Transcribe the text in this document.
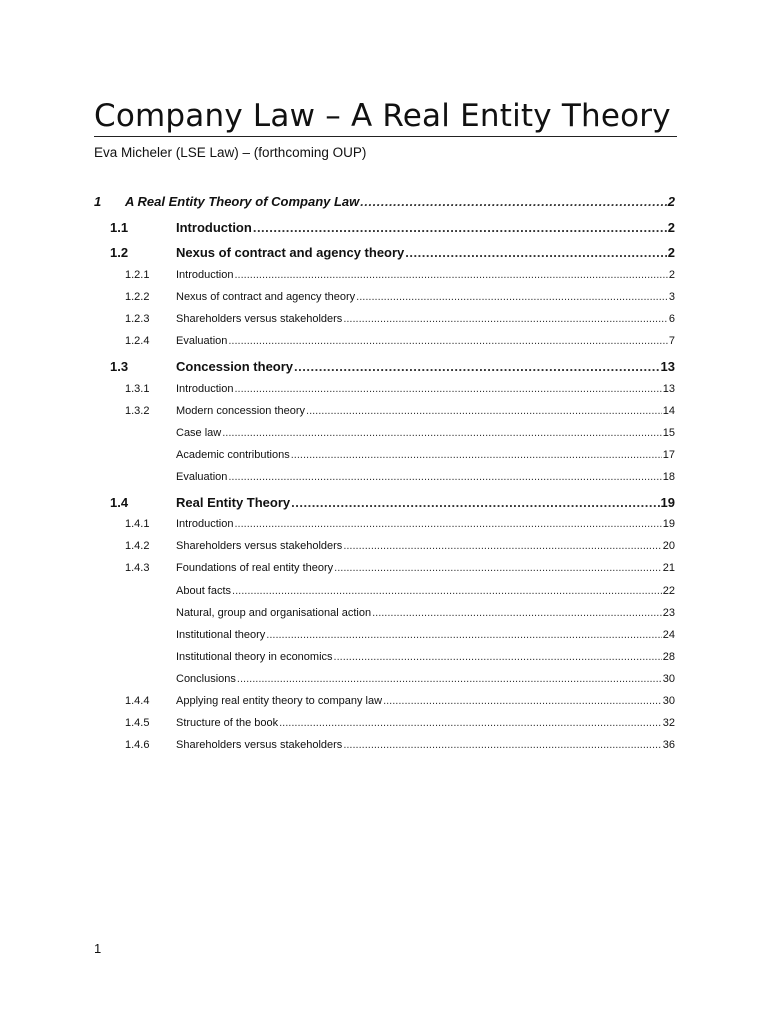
Company Law – A Real Entity Theory
Eva Micheler (LSE Law) – (forthcoming OUP)
1 A Real Entity Theory of Company Law .....	2
1.1	Introduction .....	2
1.2	Nexus of contract and agency theory .....	2
1.2.1 Introduction .....	2
1.2.2 Nexus of contract and agency theory .....	3
1.2.3 Shareholders versus stakeholders .....	6
1.2.4 Evaluation .....	7
1.3	Concession theory .....	13
1.3.1 Introduction .....	13
1.3.2 Modern concession theory .....	14
Case law .....	15
Academic contributions .....	17
Evaluation .....	18
1.4	Real Entity Theory .....	19
1.4.1 Introduction .....	19
1.4.2 Shareholders versus stakeholders .....	20
1.4.3 Foundations of real entity theory .....	21
About facts .....	22
Natural, group and organisational action .....	23
Institutional theory .....	24
Institutional theory in economics .....	28
Conclusions .....	30
1.4.4 Applying real entity theory to company law .....	30
1.4.5 Structure of the book .....	32
1.4.6 Shareholders versus stakeholders .....	36
1
